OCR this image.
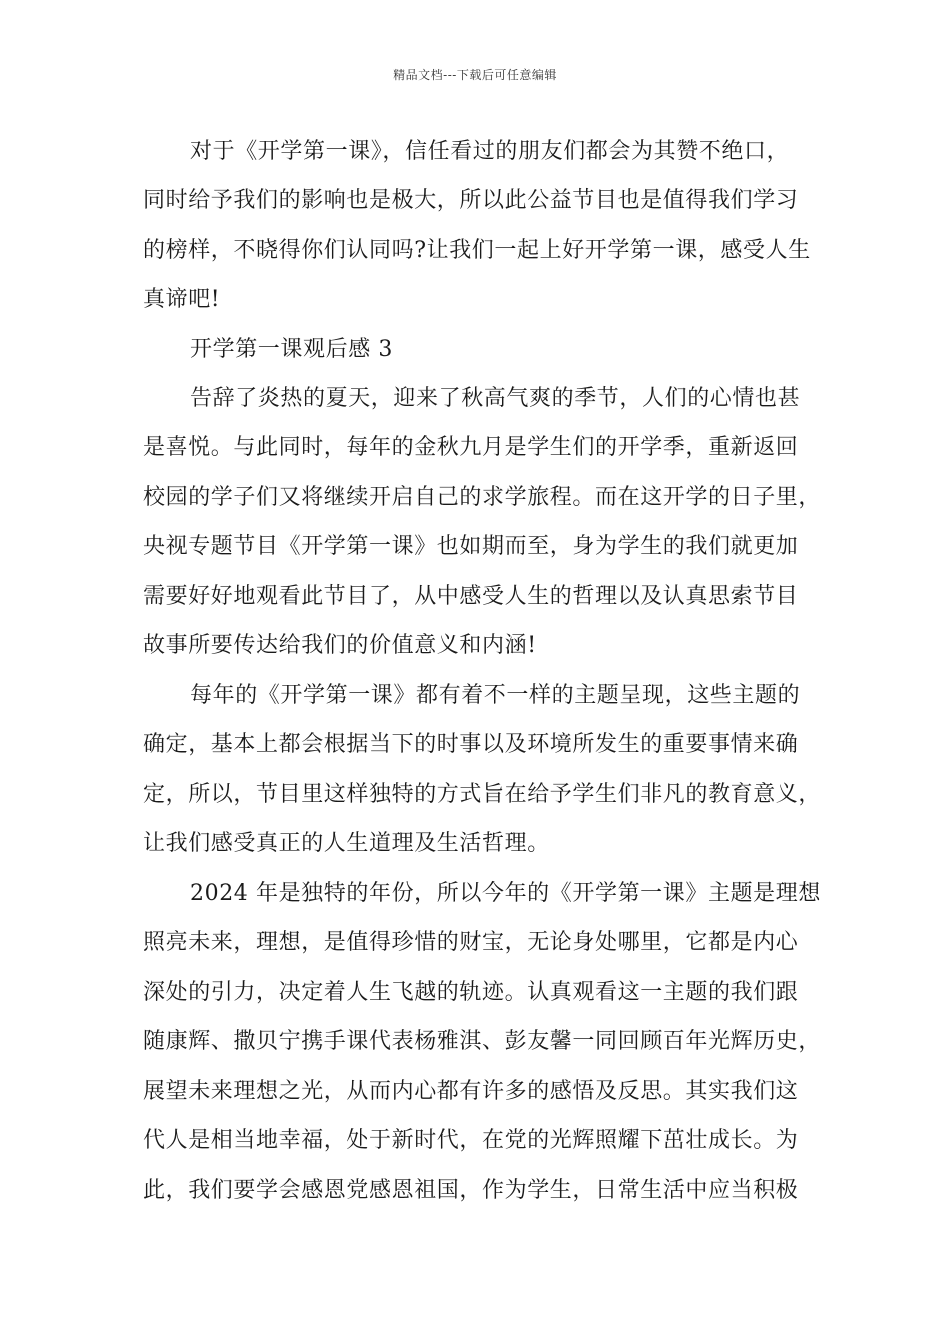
精品文档---下载后可任意编辑
对于《开学第一课》，信任看过的朋友们都会为其赞不绝口，
同时给予我们的影响也是极大，所以此公益节目也是值得我们学习
的榜样，不晓得你们认同吗?让我们一起上好开学第一课，感受人生
真谛吧!
开学第一课观后感 3
告辞了炎热的夏天，迎来了秋高气爽的季节，人们的心情也甚
是喜悦。与此同时，每年的金秋九月是学生们的开学季，重新返回
校园的学子们又将继续开启自己的求学旅程。而在这开学的日子里，
央视专题节目《开学第一课》也如期而至，身为学生的我们就更加
需要好好地观看此节目了，从中感受人生的哲理以及认真思索节目
故事所要传达给我们的价值意义和内涵!
每年的《开学第一课》都有着不一样的主题呈现，这些主题的
确定，基本上都会根据当下的时事以及环境所发生的重要事情来确
定，所以，节目里这样独特的方式旨在给予学生们非凡的教育意义，
让我们感受真正的人生道理及生活哲理。
2024 年是独特的年份，所以今年的《开学第一课》主题是理想
照亮未来，理想，是值得珍惜的财宝，无论身处哪里，它都是内心
深处的引力，决定着人生飞越的轨迹。认真观看这一主题的我们跟
随康辉、撒贝宁携手课代表杨雅淇、彭友馨一同回顾百年光辉历史，
展望未来理想之光，从而内心都有许多的感悟及反思。其实我们这
代人是相当地幸福，处于新时代，在党的光辉照耀下茁壮成长。为
此，我们要学会感恩党感恩祖国，作为学生，日常生活中应当积极
